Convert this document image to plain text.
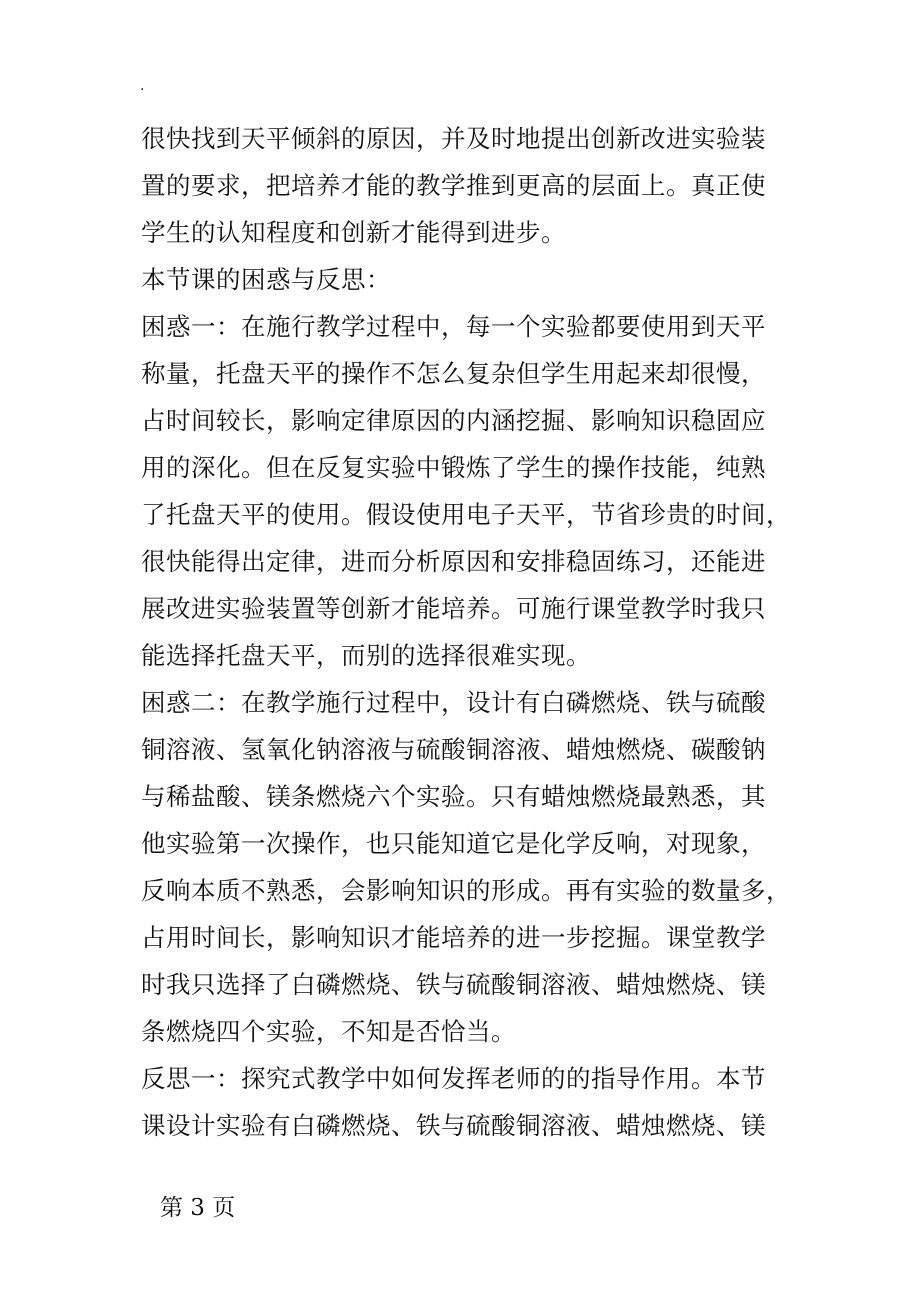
.
很快找到天平倾斜的原因，并及时地提出创新改进实验装
置的要求，把培养才能的教学推到更高的层面上。真正使
学生的认知程度和创新才能得到进步。
本节课的困惑与反思：
困惑一：在施行教学过程中，每一个实验都要使用到天平
称量，托盘天平的操作不怎么复杂但学生用起来却很慢，
占时间较长，影响定律原因的内涵挖掘、影响知识稳固应
用的深化。但在反复实验中锻炼了学生的操作技能，纯熟
了托盘天平的使用。假设使用电子天平，节省珍贵的时间，
很快能得出定律，进而分析原因和安排稳固练习，还能进
展改进实验装置等创新才能培养。可施行课堂教学时我只
能选择托盘天平，而别的选择很难实现。
困惑二：在教学施行过程中，设计有白磷燃烧、铁与硫酸
铜溶液、氢氧化钠溶液与硫酸铜溶液、蜡烛燃烧、碳酸钠
与稀盐酸、镁条燃烧六个实验。只有蜡烛燃烧最熟悉，其
他实验第一次操作，也只能知道它是化学反响，对现象，
反响本质不熟悉，会影响知识的形成。再有实验的数量多，
占用时间长，影响知识才能培养的进一步挖掘。课堂教学
时我只选择了白磷燃烧、铁与硫酸铜溶液、蜡烛燃烧、镁
条燃烧四个实验，不知是否恰当。
反思一：探究式教学中如何发挥老师的的指导作用。本节
课设计实验有白磷燃烧、铁与硫酸铜溶液、蜡烛燃烧、镁
第 3 页
